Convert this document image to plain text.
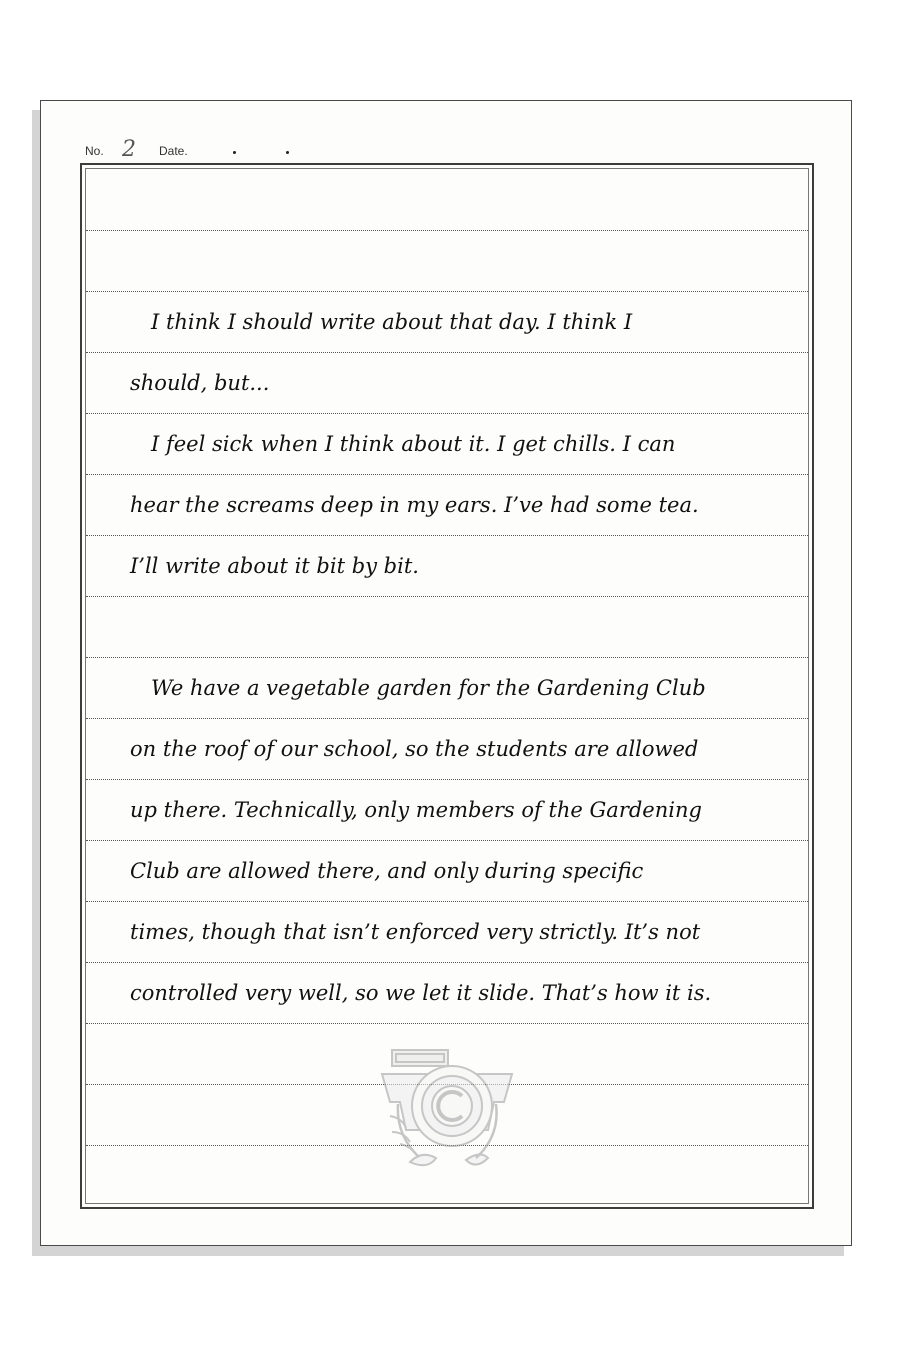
No. 2 Date.
I think I should write about that day. I think I
should, but...
I feel sick when I think about it. I get chills. I can
hear the screams deep in my ears. I’ve had some tea.
I’ll write about it bit by bit.
We have a vegetable garden for the Gardening Club
on the roof of our school, so the students are allowed
up there. Technically, only members of the Gardening
Club are allowed there, and only during specific
times, though that isn’t enforced very strictly. It’s not
controlled very well, so we let it slide. That’s how it is.
